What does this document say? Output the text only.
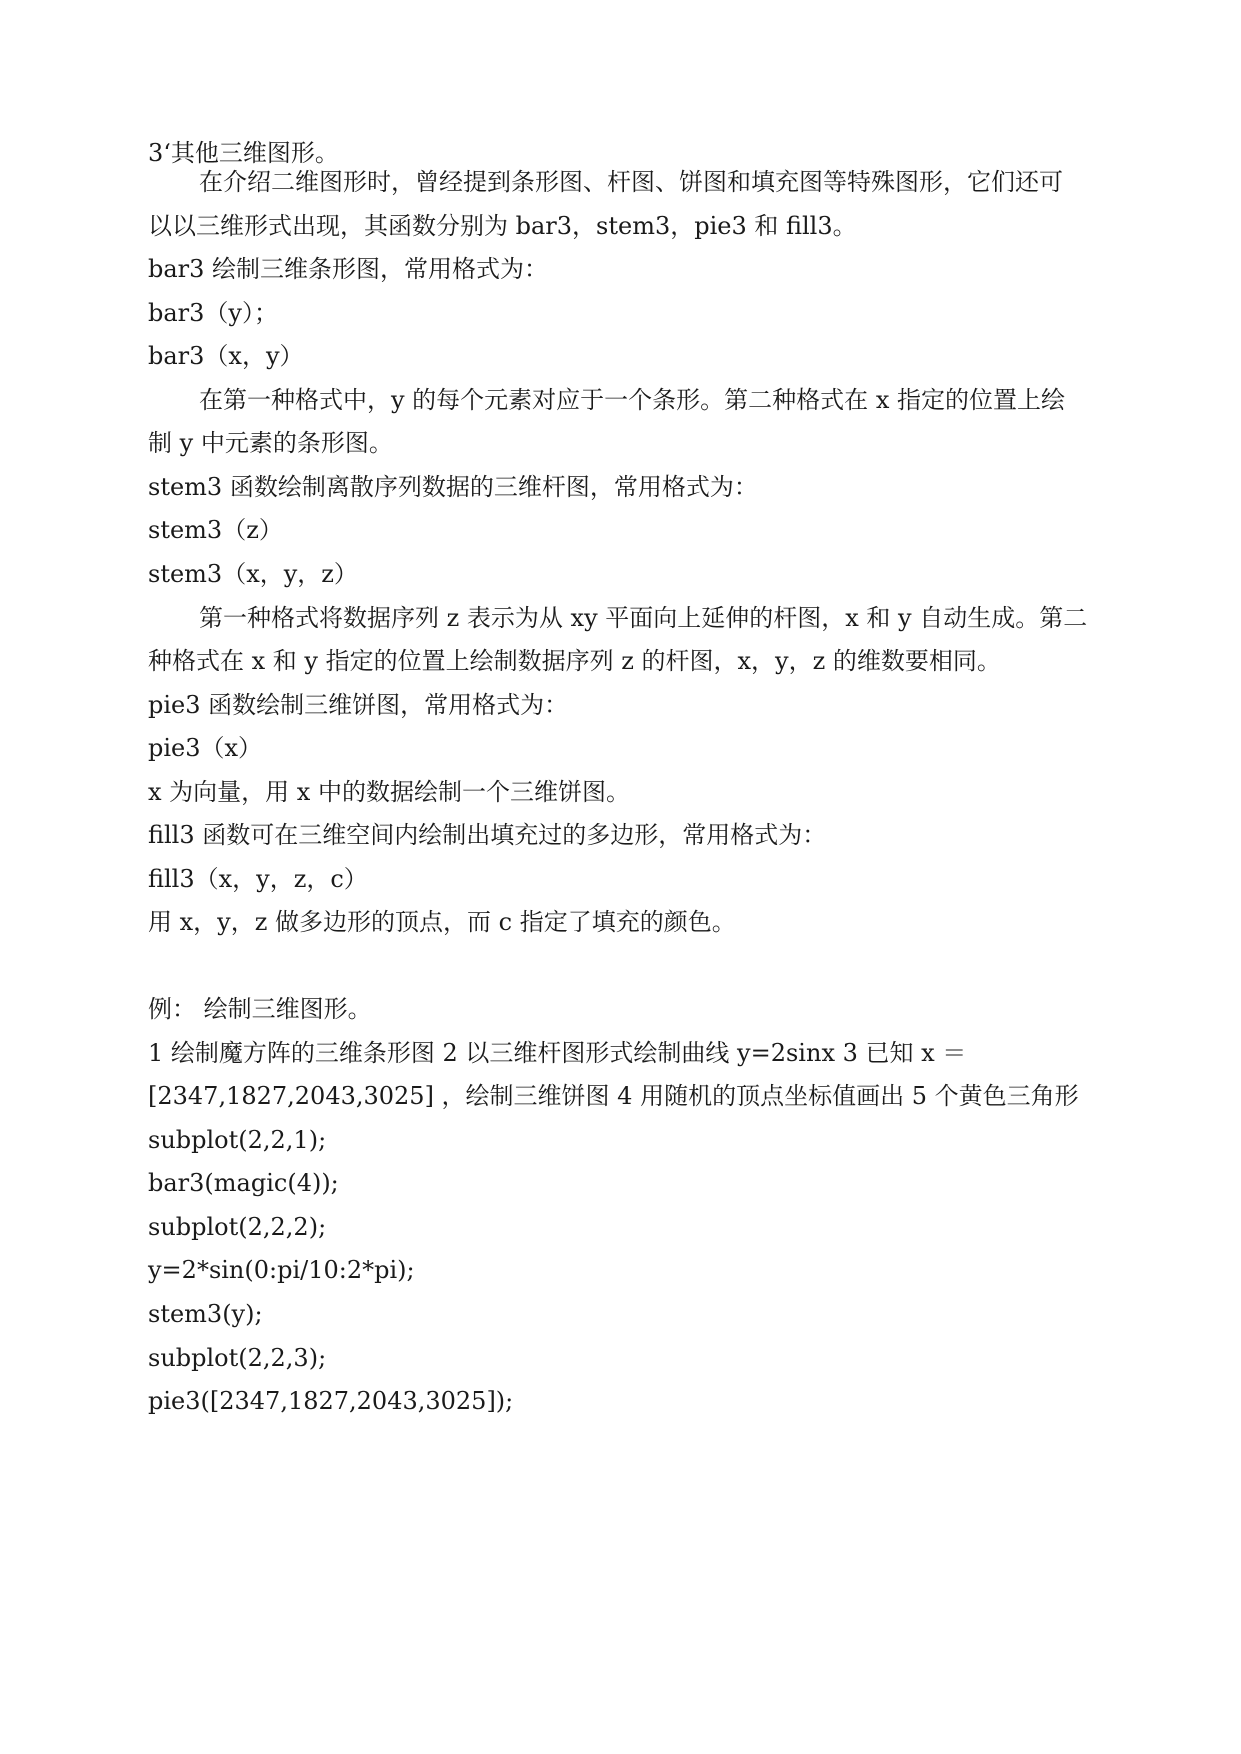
3‘其他三维图形。
在介绍二维图形时，曾经提到条形图、杆图、饼图和填充图等特殊图形，它们还可
以以三维形式出现，其函数分别为 bar3，stem3，pie3 和 fill3。
bar3 绘制三维条形图，常用格式为：
bar3（y）；
bar3（x，y）
在第一种格式中，y 的每个元素对应于一个条形。第二种格式在 x 指定的位置上绘
制 y 中元素的条形图。
stem3 函数绘制离散序列数据的三维杆图，常用格式为：
stem3（z）
stem3（x，y，z）
第一种格式将数据序列 z 表示为从 xy 平面向上延伸的杆图，x 和 y 自动生成。第二
种格式在 x 和 y 指定的位置上绘制数据序列 z 的杆图，x，y，z 的维数要相同。
pie3 函数绘制三维饼图，常用格式为：
pie3（x）
x 为向量，用 x 中的数据绘制一个三维饼图。
fill3 函数可在三维空间内绘制出填充过的多边形，常用格式为：
fill3（x，y，z，c）
用 x，y，z 做多边形的顶点，而 c 指定了填充的颜色。
例： 绘制三维图形。
1 绘制魔方阵的三维条形图 2 以三维杆图形式绘制曲线 y=2sinx 3 已知 x ＝
[2347,1827,2043,3025] ，绘制三维饼图 4 用随机的顶点坐标值画出 5 个黄色三角形
subplot(2,2,1);
bar3(magic(4));
subplot(2,2,2);
y=2*sin(0:pi/10:2*pi);
stem3(y);
subplot(2,2,3);
pie3([2347,1827,2043,3025]);
